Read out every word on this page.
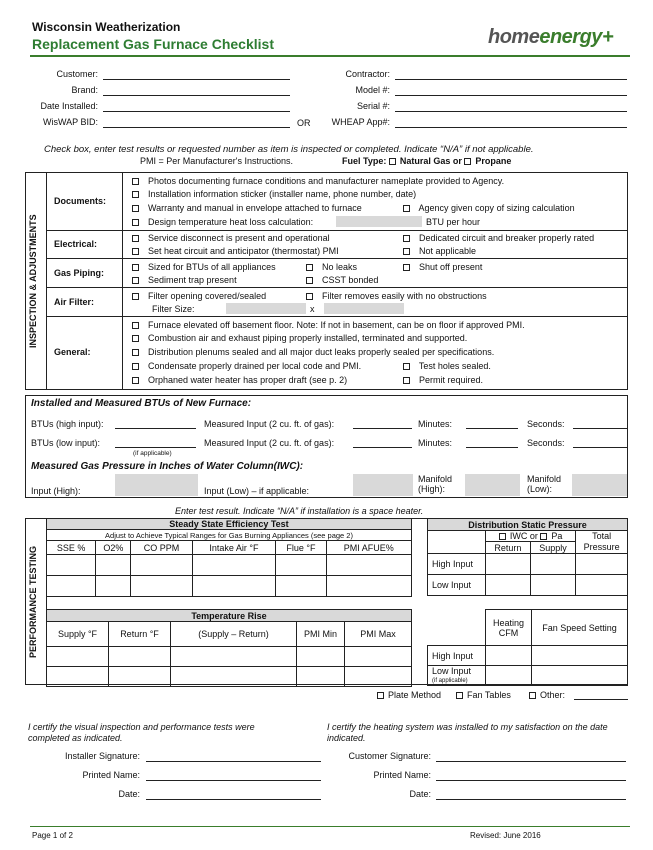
Wisconsin Weatherization
Replacement Gas Furnace Checklist	homeenergy+
Customer:
Brand:
Date Installed:
WisWAP BID:	OR
Contractor:
Model #:
Serial #:
WHEAP App#:
Check box, enter test results or requested number as item is inspected or completed. Indicate “N/A” if not applicable.
PMI = Per Manufacturer's Instructions.	Fuel Type: Natural Gas or Propane
INSPECTION & ADJUSTMENTS
Documents:
Photos documenting furnace conditions and manufacturer nameplate provided to Agency.
Installation information sticker (installer name, phone number, date)
Warranty and manual in envelope attached to furnace
Design temperature heat loss calculation:	BTU per hour
Agency given copy of sizing calculation
Electrical:
Service disconnect is present and operational
Set heat circuit and anticipator (thermostat) PMI
Dedicated circuit and breaker properly rated
Not applicable
Gas Piping:
Sized for BTUs of all appliances
Sediment trap present
No leaks
CSST bonded
Shut off present
Air Filter:
Filter opening covered/sealed
Filter Size:	x
Filter removes easily with no obstructions
General:
Furnace elevated off basement floor. Note: If not in basement, can be on floor if approved PMI.
Combustion air and exhaust piping properly installed, terminated and supported.
Distribution plenums sealed and all major duct leaks properly sealed per specifications.
Condensate properly drained per local code and PMI.
Orphaned water heater has proper draft (see p. 2)
Test holes sealed.
Permit required.
Installed and Measured BTUs of New Furnace:
BTUs (high input):	Measured Input (2 cu. ft. of gas):	Minutes:	Seconds:
BTUs (low input):
(if applicable)
Measured Input (2 cu. ft. of gas):	Minutes:	Seconds:
Measured Gas Pressure in Inches of Water Column(IWC):
Input (High):	Input (Low) – if applicable:
Manifold
(High):
Manifold
(Low):
Enter test result. Indicate “N/A” if installation is a space heater.
PERFORMANCE TESTING
Steady State Efficiency Test					
Adjust to Achieve Typical Ranges for Gas Burning Appliances (see page 2)					
SSE %	O2%	CO PPM	Intake Air °F	Flue °F	PMI AFUE%

Temperature Rise				
Supply °F	Return °F	(Supply – Return)	PMI Min	PMI Max

Distribution Static Pressure			
	IWC or Pa		Total
	Return	Supply	Pressure
High Input			
Low Input			
	Heating CFM	Fan Speed Setting
High Input		
Low Input
(if applicable)		
Plate Method	Fan Tables	Other:
I certify the visual inspection and performance tests were completed as indicated.
I certify the heating system was installed to my satisfaction on the date indicated.
Installer Signature:
Printed Name:
Date:
Customer Signature:
Printed Name:
Date:
Page 1 of 2	Revised: June 2016
